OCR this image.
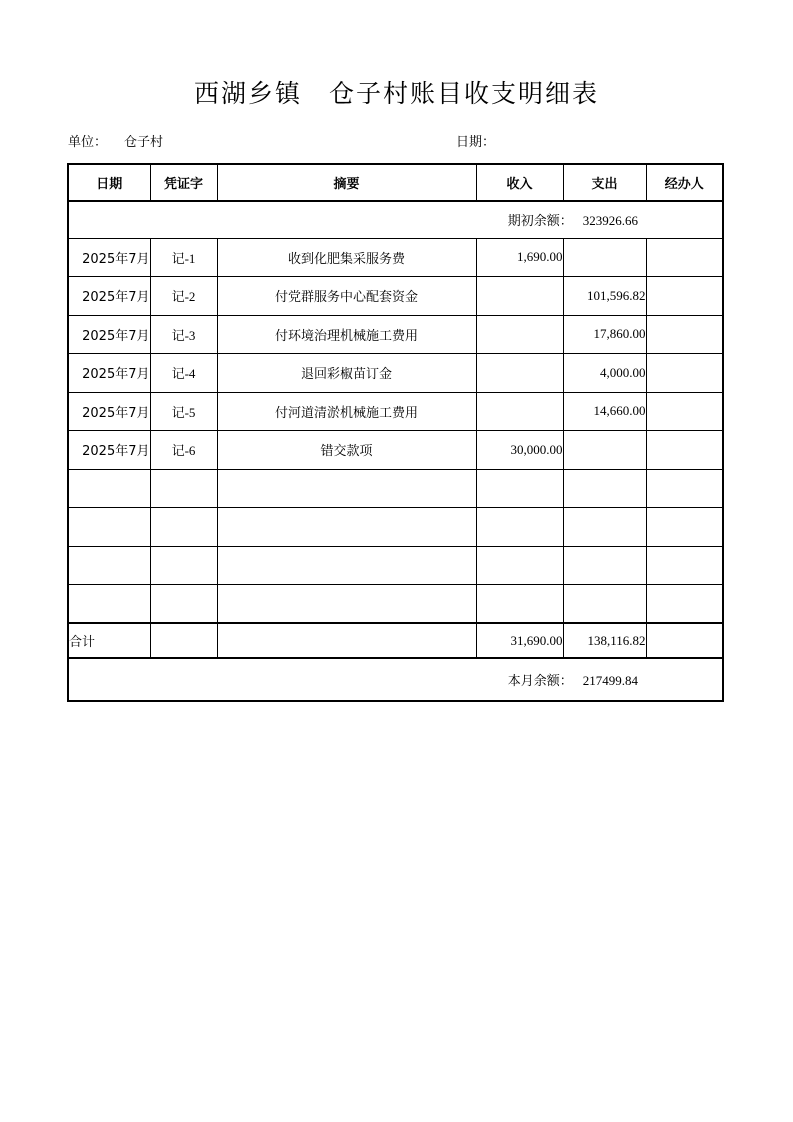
西湖乡镇　仓子村账目收支明细表
单位： 仓子村	日期：
日期	凭证字	摘要	收入	支出	经办人
期初余额： 323926.66					
2025年7月	记-1	收到化肥集采服务费	1,690.00		
2025年7月	记-2	付党群服务中心配套资金		101,596.82	
2025年7月	记-3	付环境治理机械施工费用		17,860.00	
2025年7月	记-4	退回彩椒苗订金		4,000.00	
2025年7月	记-5	付河道清淤机械施工费用		14,660.00	
2025年7月	记-6	错交款项	30,000.00		

合计			31,690.00	138,116.82	
本月余额： 217499.84					
